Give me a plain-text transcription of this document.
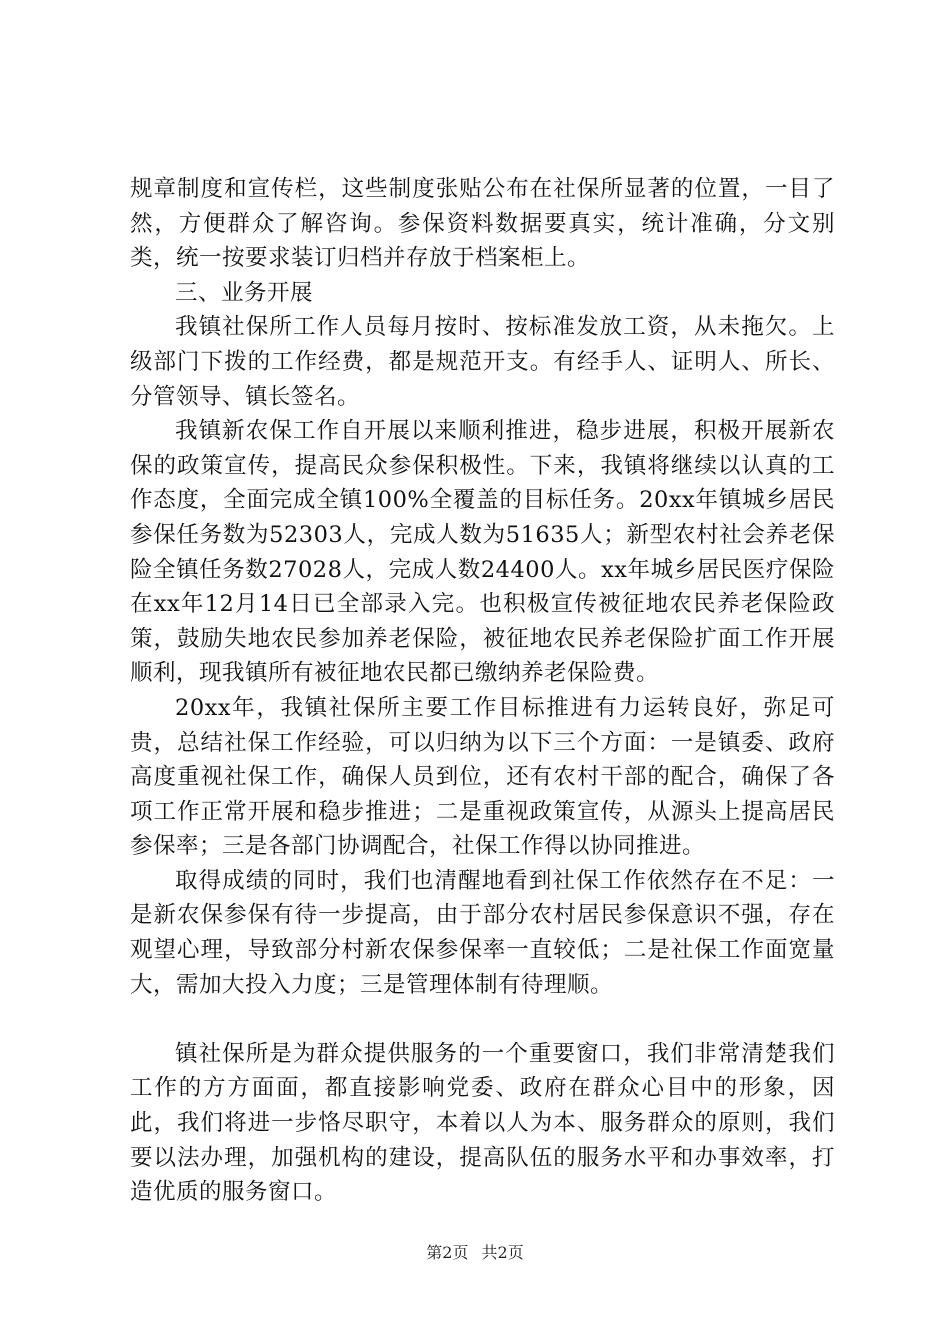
规章制度和宣传栏，这些制度张贴公布在社保所显著的位置，一目了然，方便群众了解咨询。参保资料数据要真实，统计准确，分文别类，统一按要求装订归档并存放于档案柜上。

三、业务开展

我镇社保所工作人员每月按时、按标准发放工资，从未拖欠。上级部门下拨的工作经费，都是规范开支。有经手人、证明人、所长、分管领导、镇长签名。

我镇新农保工作自开展以来顺利推进，稳步进展，积极开展新农保的政策宣传，提高民众参保积极性。下来，我镇将继续以认真的工作态度，全面完成全镇100%全覆盖的目标任务。20xx年镇城乡居民参保任务数为52303人，完成人数为51635人；新型农村社会养老保险全镇任务数27028人，完成人数24400人。xx年城乡居民医疗保险在xx年12月14日已全部录入完。也积极宣传被征地农民养老保险政策，鼓励失地农民参加养老保险，被征地农民养老保险扩面工作开展顺利，现我镇所有被征地农民都已缴纳养老保险费。

20xx年，我镇社保所主要工作目标推进有力运转良好，弥足可贵，总结社保工作经验，可以归纳为以下三个方面：一是镇委、政府高度重视社保工作，确保人员到位，还有农村干部的配合，确保了各项工作正常开展和稳步推进；二是重视政策宣传，从源头上提高居民参保率；三是各部门协调配合，社保工作得以协同推进。

取得成绩的同时，我们也清醒地看到社保工作依然存在不足：一是新农保参保有待一步提高，由于部分农村居民参保意识不强，存在观望心理，导致部分村新农保参保率一直较低；二是社保工作面宽量大，需加大投入力度；三是管理体制有待理顺。

镇社保所是为群众提供服务的一个重要窗口，我们非常清楚我们工作的方方面面，都直接影响党委、政府在群众心目中的形象，因此，我们将进一步恪尽职守，本着以人为本、服务群众的原则，我们要以法办理，加强机构的建设，提高队伍的服务水平和办事效率，打造优质的服务窗口。

第2页 共2页
